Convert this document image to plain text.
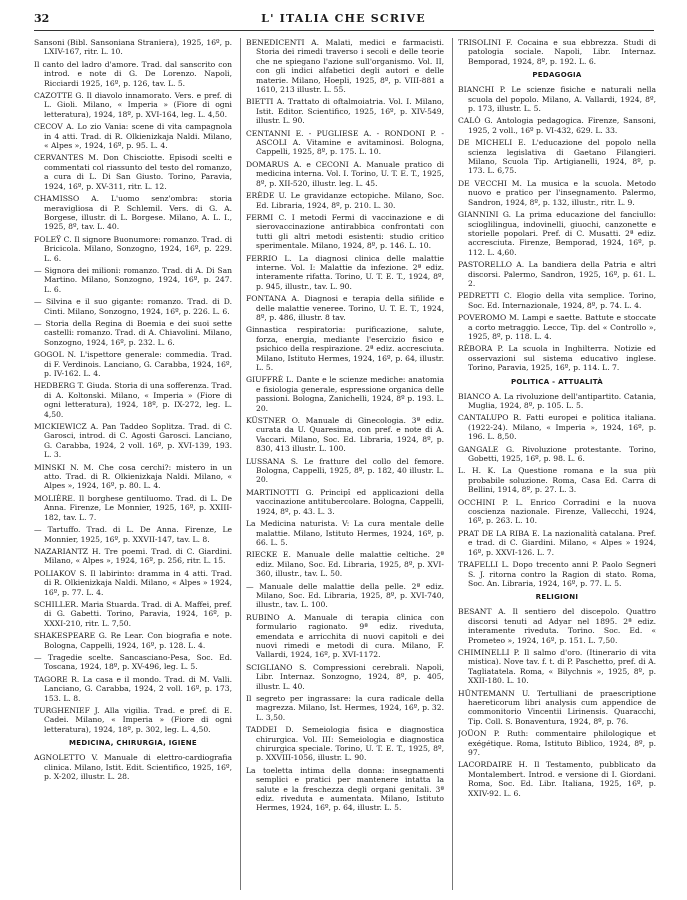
32	L' ITALIA CHE SCRIVE
Sansoni (Bibl. Sansoniana Straniera), 1925, 16º, p. LXIV-167, ritr. L. 10.
Il canto del ladro d'amore. Trad. dal sanscrito con introd. e note di G. De Lorenzo. Napoli, Ricciardi 1925, 16º, p. 126, tav. L. 5.
CAZOTTE G. Il diavolo innamorato. Vers. e pref. di L. Gioli. Milano, « Imperia » (Fiore di ogni letteratura), 1924, 18º, p. XVI-164, leg. L. 4,50.
CECOV A. Lo zio Vania: scene di vita campagnola in 4 atti. Trad. di R. Olkienizkaja Naldi. Milano, « Alpes », 1924, 16º, p. 95. L. 4.
CERVANTES M. Don Chisciotte. Episodi scelti e commentati col riassunto del testo del romanzo, a cura di L. Di San Giusto. Torino, Paravia, 1924, 16º, p. XV-311, ritr. L. 12.
CHAMISSO A. L'uomo senz'ombra: storia meravigliosa di P. Schlemil. Vers. di G. A. Borgese, illustr. di L. Borgese. Milano, A. L. I., 1925, 8º, tav. L. 40.
FOLEŸ C. Il signore Buonumore: romanzo. Trad. di Bricicola. Milano, Sonzogno, 1924, 16º, p. 229. L. 6.
— Signora dei milioni: romanzo. Trad. di A. Di San Martino. Milano, Sonzogno, 1924, 16º, p. 247. L. 6.
— Silvina e il suo gigante: romanzo. Trad. di D. Cinti. Milano, Sonzogno, 1924, 16º, p. 226. L. 6.
— Storia della Regina di Boemia e dei suoi sette castelli: romanzo. Trad. di A. Chiavolini. Milano, Sonzogno, 1924, 16º, p. 232. L. 6.
GOGOL N. L'ispettore generale: commedia. Trad. di F. Verdinois. Lanciano, G. Carabba, 1924, 16º, p. IV-162. L. 4.
HEDBERG T. Giuda. Storia di una sofferenza. Trad. di A. Koltonski. Milano, « Imperia » (Fiore di ogni letteratura), 1924, 18º, p. IX-272, leg. L. 4,50.
MICKIEWICZ A. Pan Taddeo Soplitza. Trad. di C. Garosci, introd. di C. Agosti Garosci. Lanciano, G. Carabba, 1924, 2 voll. 16º, p. XVI-139, 193. L. 3.
MINSKI N. M. Che cosa cerchi?: mistero in un atto. Trad. di R. Olkienizkaja Naldi. Milano, « Alpes », 1924, 16º, p. 80. L. 4.
MOLIÈRE. Il borghese gentiluomo. Trad. di L. De Anna. Firenze, Le Monnier, 1925, 16º, p. XXIII-182, tav. L. 7.
— Tartuffo. Trad. di L. De Anna. Firenze, Le Monnier, 1925, 16º, p. XXVII-147, tav. L. 8.
NAZARIANTZ H. Tre poemi. Trad. di C. Giardini. Milano, « Alpes », 1924, 16º, p. 256, ritr. L. 15.
POLIAKOV S. Il labirinto: dramma in 4 atti. Trad. di R. Olkienizkaja Naldi. Milano, « Alpes » 1924, 16º, p. 77. L. 4.
SCHILLER. Maria Stuarda. Trad. di A. Maffei, pref. di G. Gabetti. Torino, Paravia, 1924, 16º, p. XXXI-210, ritr. L. 7,50.
SHAKESPEARE G. Re Lear. Con biografia e note. Bologna, Cappelli, 1924, 16º, p. 128. L. 4.
— Tragedie scelte. Sancasciano-Pesa, Soc. Ed. Toscana, 1924, 18º, p. XV-496, leg. L. 5.
TAGORE R. La casa e il mondo. Trad. di M. Valli. Lanciano, G. Carabba, 1924, 2 voll. 16º, p. 173, 153. L. 8.
TURGHENIEF J. Alla vigilia. Trad. e pref. di E. Cadei. Milano, « Imperia » (Fiore di ogni letteratura), 1924, 18º, p. 302, leg. L. 4,50.
MEDICINA, CHIRURGIA, IGIENE
AGNOLETTO V. Manuale di elettro-cardiografia clinica. Milano, Istit. Edit. Scientifico, 1925, 16º, p. X-202, illustr. L. 28.
BENEDICENTI A. Malati, medici e farmacisti. Storia dei rimedi traverso i secoli e delle teorie che ne spiegano l'azione sull'organismo. Vol. II, con gli indici alfabetici degli autori e delle materie. Milano, Hoepli, 1925, 8º, p. VIII-881 a 1610, 213 illustr. L. 55.
BIETTI A. Trattato di oftalmoiatria. Vol. I. Milano, Istit. Editor. Scientifico, 1925, 16º, p. XIV-549, illustr. L. 90.
CENTANNI E. - PUGLIESE A. - RONDONI P. - ASCOLI A. Vitamine e avitaminosi. Bologna, Cappelli, 1925, 8º, p. 175. L. 10.
DOMARUS A. e CECONI A. Manuale pratico di medicina interna. Vol. I. Torino, U. T. E. T., 1925, 8º, p. XII-520, illustr. leg. L. 45.
ERÈDE U. Le gravidanze ectopiche. Milano, Soc. Ed. Libraria, 1924, 8º, p. 210. L. 30.
FERMI C. I metodi Fermi di vaccinazione e di sierovaccinazione antirabbica confrontati con tutti gli altri metodi esistenti: studio critico sperimentale. Milano, 1924, 8º, p. 146. L. 10.
FERRIO L. La diagnosi clinica delle malattie interne. Vol. I: Malattie da infezione. 2ª ediz. interamente rifatta. Torino, U. T. E. T., 1924, 8º, p. 945, illustr., tav. L. 90.
FONTANA A. Diagnosi e terapia della sifilide e delle malattie veneree. Torino, U. T. E. T., 1924, 8º, p. 486, illustr. 8 tav.
Ginnastica respiratoria: purificazione, salute, forza, energia, mediante l'esercizio fisico e psichico della respirazione. 2ª ediz. accresciuta. Milano, Istituto Hermes, 1924, 16º, p. 64, illustr. L. 5.
GIUFFRÈ L. Dante e le scienze mediche: anatomia e fisiologia generale, espressione organica delle passioni. Bologna, Zanichelli, 1924, 8º p. 193. L. 20.
KÜSTNER O. Manuale di Ginecologia. 3ª ediz. curata da U. Quaresima, con pref. e note di A. Vaccari. Milano, Soc. Ed. Libraria, 1924, 8º, p. 830, 413 illustr. L. 100.
LUSSANA S. Le fratture del collo del femore. Bologna, Cappelli, 1925, 8º, p. 182, 40 illustr. L. 20.
MARTINOTTI G. Principî ed applicazioni della vaccinazione antitubercolare. Bologna, Cappelli, 1924, 8º, p. 43. L. 3.
La Medicina naturista. V: La cura mentale delle malattie. Milano, Istituto Hermes, 1924, 16º, p. 66. L. 5.
RIECKE E. Manuale delle malattie celtiche. 2ª ediz. Milano, Soc. Ed. Libraria, 1925, 8º, p. XVI-360, illustr., tav. L. 50.
— Manuale delle malattie della pelle. 2ª ediz. Milano, Soc. Ed. Libraria, 1925, 8º, p. XVI-740, illustr., tav. L. 100.
RUBINO A. Manuale di terapia clinica con formulario ragionato. 9ª ediz. riveduta, emendata e arricchita di nuovi capitoli e dei nuovi rimedi e metodi di cura. Milano, F. Vallardi, 1924, 16º, p. XVI-1172.
SCIGLIANO S. Compressioni cerebrali. Napoli, Libr. Internaz. Sonzogno, 1924, 8º, p. 405, illustr. L. 40.
Il segreto per ingrassare: la cura radicale della magrezza. Milano, Ist. Hermes, 1924, 16º, p. 32. L. 3,50.
TADDEI D. Semeiologia fisica e diagnostica chirurgica. Vol. III: Semeiologia e diagnostica chirurgica speciale. Torino, U. T. E. T., 1925, 8º, p. XXVIII-1056, illustr. L. 90.
La toeletta intima della donna: insegnamenti semplici e pratici per mantenere intatta la salute e la freschezza degli organi genitali. 3ª ediz. riveduta e aumentata. Milano, Istituto Hermes, 1924, 16º, p. 64, illustr. L. 5.
TRISOLINI F. Cocaina e sua ebbrezza. Studi di patologia sociale. Napoli, Libr. Internaz. Bemporad, 1924, 8º, p. 192. L. 6.
PEDAGOGIA
BIANCHI P. Le scienze fisiche e naturali nella scuola del popolo. Milano, A. Vallardi, 1924, 8º, p. 173, illustr. L. 5.
CALÒ G. Antologia pedagogica. Firenze, Sansoni, 1925, 2 voll., 16º p. VI-432, 629. L. 33.
DE MICHELI E. L'educazione del popolo nella scienza legislativa di Gaetano Filangieri. Milano, Scuola Tip. Artigianelli, 1924, 8º, p. 173. L. 6,75.
DE VECCHI M. La musica e la scuola. Metodo nuovo e pratico per l'insegnamento. Palermo, Sandron, 1924, 8º, p. 132, illustr., ritr. L. 9.
GIANNINI G. La prima educazione del fanciullo: scioglilingua, indovinelli, giuochi, canzonette e storielle popolari. Pref. di C. Musatti. 2ª ediz. accresciuta. Firenze, Bemporad, 1924, 16º, p. 112. L. 4,60.
PASTORELLO A. La bandiera della Patria e altri discorsi. Palermo, Sandron, 1925, 16º, p. 61. L. 2.
PEDRETTI C. Elogio della vita semplice. Torino, Soc. Ed. Internazionale, 1924, 8º, p. 74. L. 4.
POVEROMO M. Lampi e saette. Battute e stoccate a corto metraggio. Lecce, Tip. del « Controllo », 1925, 8º, p. 118. L. 4.
RÈBORA P. La scuola in Inghilterra. Notizie ed osservazioni sul sistema educativo inglese. Torino, Paravia, 1925, 16º, p. 114. L. 7.
POLITICA - ATTUALITÀ
BIANCO A. La rivoluzione dell'antipartito. Catania, Muglia, 1924, 8º, p. 105. L. 5.
CANTALUPO R. Fatti europei e politica italiana. (1922-24). Milano, « Imperia », 1924, 16º, p. 196. L. 8,50.
GANGALE G. Rivoluzione protestante. Torino, Gobetti, 1925, 16º, p. 98. L. 6.
L. H. K. La Questione romana e la sua più probabile soluzione. Roma, Casa Ed. Carra di Bellini, 1914, 8º, p. 27. L. 3.
OCCHINI P. L. Enrico Corradini e la nuova coscienza nazionale. Firenze, Vallecchi, 1924, 16º, p. 263. L. 10.
PRAT DE LA RIBA E. La nazionalità catalana. Pref. e trad. di C. Giardini. Milano, « Alpes » 1924, 16º, p. XXVI-126. L. 7.
TRAFELLI L. Dopo trecento anni P. Paolo Segneri S. J. ritorna contro la Ragion di stato. Roma, Soc. An. Libraria, 1924, 16º, p. 77. L. 5.
RELIGIONI
BESANT A. Il sentiero del discepolo. Quattro discorsi tenuti ad Adyar nel 1895. 2ª ediz. interamente riveduta. Torino. Soc. Ed. « Prometeo », 1924, 16º, p. 151. L. 7,50.
CHIMINELLI P. Il salmo d'oro. (Itinerario di vita mistica). Nove tav. f. t. di P. Paschetto, pref. di A. Tagliatatela. Roma, « Bilychnis », 1925, 8º, p. XXII-180. L. 10.
HÜNTEMANN U. Tertulliani de praescriptione haereticorum libri analysis cum appendice de commonitorio Vincentii Lirinensis. Quaracchi, Tip. Coll. S. Bonaventura, 1924, 8º, p. 76.
JOÜON P. Ruth: commentaire philologique et exégétique. Roma, Istituto Biblico, 1924, 8º, p. 97.
LACORDAIRE H. Il Testamento, pubblicato da Montalembert. Introd. e versione di I. Giordani. Roma, Soc. Ed. Libr. Italiana, 1925, 16º, p. XXIV-92. L. 6.
